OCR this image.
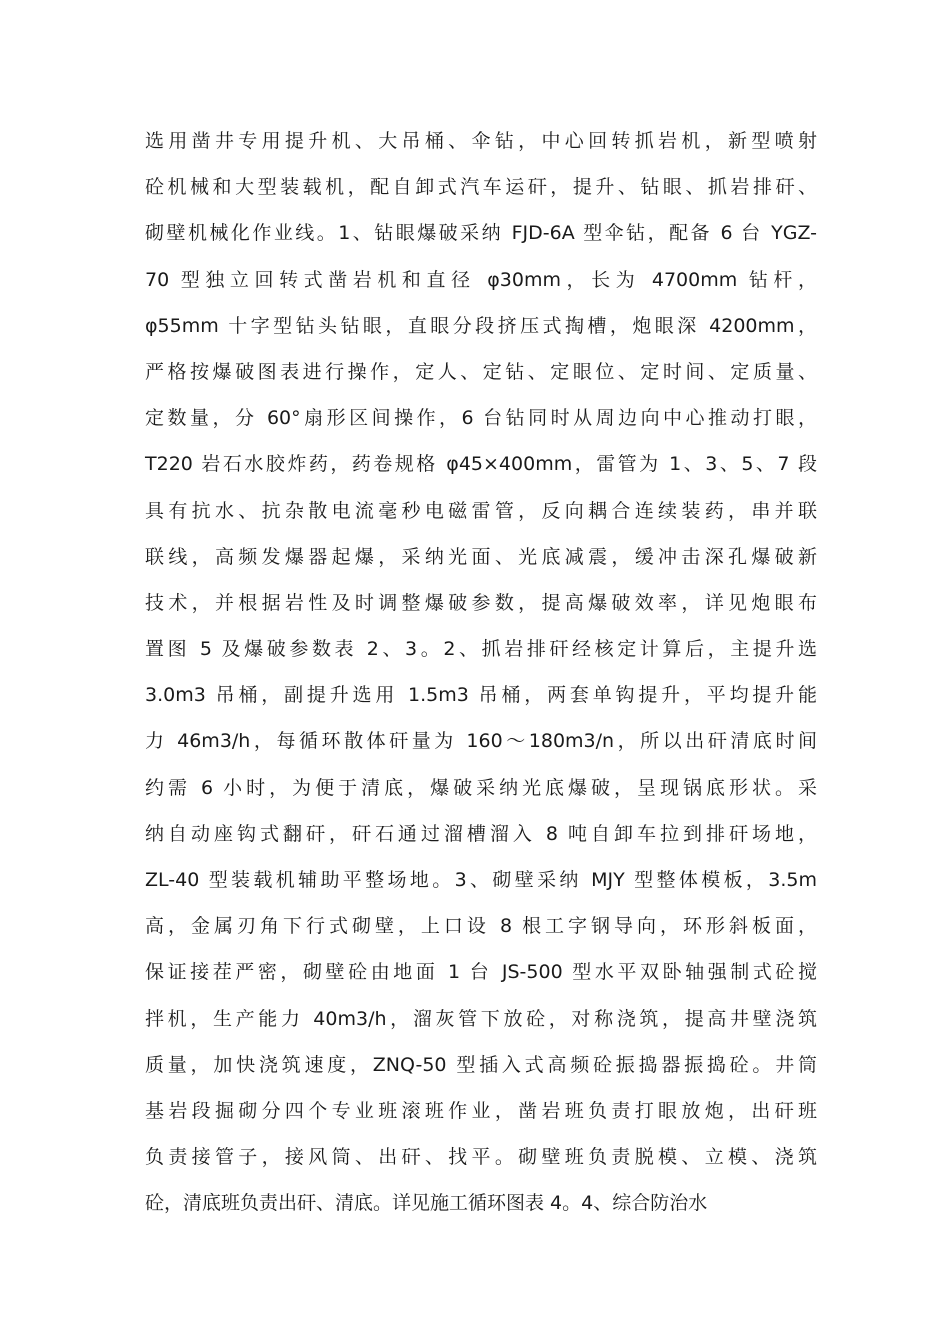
选用凿井专用提升机、大吊桶、伞钻，中心回转抓岩机，新型喷射
砼机械和大型装载机，配自卸式汽车运矸，提升、钻眼、抓岩排矸、
砌壁机械化作业线。1、钻眼爆破采纳 FJD-6A 型伞钻，配备 6 台 YGZ-
70 型独立回转式凿岩机和直径 φ30mm，长为 4700mm 钻杆，
φ55mm 十字型钻头钻眼，直眼分段挤压式掏槽，炮眼深 4200mm，
严格按爆破图表进行操作，定人、定钻、定眼位、定时间、定质量、
定数量，分 60°扇形区间操作，6 台钻同时从周边向中心推动打眼，
T220 岩石水胶炸药，药卷规格 φ45×400mm，雷管为 1、3、5、7 段
具有抗水、抗杂散电流毫秒电磁雷管，反向耦合连续装药，串并联
联线，高频发爆器起爆，采纳光面、光底减震，缓冲击深孔爆破新
技术，并根据岩性及时调整爆破参数，提高爆破效率，详见炮眼布
置图 5 及爆破参数表 2、3。2、抓岩排矸经核定计算后，主提升选
3.0m3 吊桶，副提升选用 1.5m3 吊桶，两套单钩提升，平均提升能
力 46m3/h，每循环散体矸量为 160～180m3/n，所以出矸清底时间
约需 6 小时，为便于清底，爆破采纳光底爆破，呈现锅底形状。采
纳自动座钩式翻矸，矸石通过溜槽溜入 8 吨自卸车拉到排矸场地，
ZL-40 型装载机辅助平整场地。3、砌壁采纳 MJY 型整体模板，3.5m
高，金属刃角下行式砌壁，上口设 8 根工字钢导向，环形斜板面，
保证接茬严密，砌壁砼由地面 1 台 JS-500 型水平双卧轴强制式砼搅
拌机，生产能力 40m3/h，溜灰管下放砼，对称浇筑，提高井壁浇筑
质量，加快浇筑速度，ZNQ-50 型插入式高频砼振捣器振捣砼。井筒
基岩段掘砌分四个专业班滚班作业，凿岩班负责打眼放炮，出矸班
负责接管子，接风筒、出矸、找平。砌壁班负责脱模、立模、浇筑
砼，清底班负责出矸、清底。详见施工循环图表 4。4、综合防治水
